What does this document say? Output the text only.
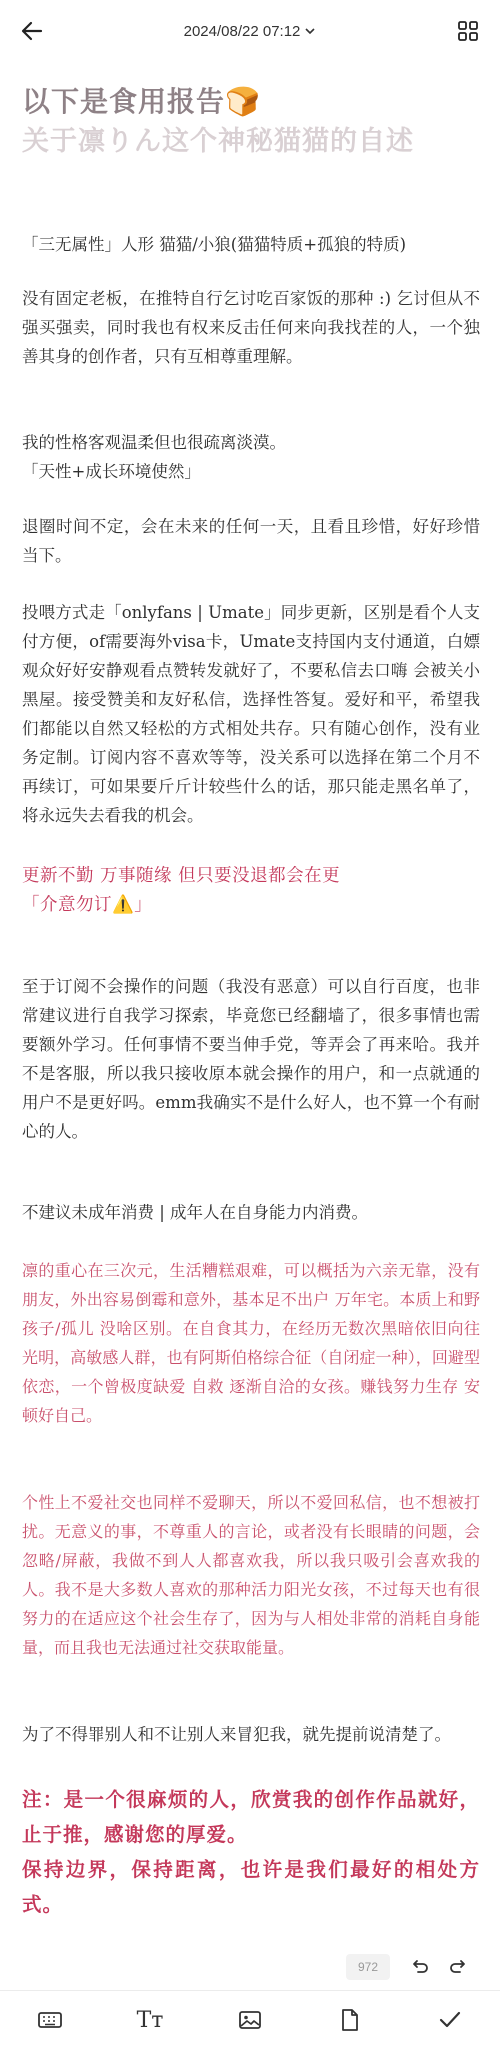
2024/08/22 07:12
以下是食用报告🍞
关于凛りん这个神秘猫猫的自述

「三无属性」人形 猫猫/小狼(猫猫特质+孤狼的特质)

没有固定老板，在推特自行乞讨吃百家饭的那种 :) 乞讨但从不强买强卖，同时我也有权来反击任何来向我找茬的人，一个独善其身的创作者，只有互相尊重理解。

我的性格客观温柔但也很疏离淡漠。
「天性+成长环境使然」

退圈时间不定，会在未来的任何一天，且看且珍惜，好好珍惜当下。

投喂方式走「onlyfans | Umate」同步更新，区别是看个人支付方便，of需要海外visa卡，Umate支持国内支付通道，白嫖观众好好安静观看点赞转发就好了，不要私信去口嗨 会被关小黑屋。接受赞美和友好私信，选择性答复。爱好和平，希望我们都能以自然又轻松的方式相处共存。只有随心创作，没有业务定制。订阅内容不喜欢等等，没关系可以选择在第二个月不再续订，可如果要斤斤计较些什么的话，那只能走黑名单了，将永远失去看我的机会。

更新不勤 万事随缘 但只要没退都会在更
「介意勿订⚠️」

至于订阅不会操作的问题（我没有恶意）可以自行百度，也非常建议进行自我学习探索，毕竟您已经翻墙了，很多事情也需要额外学习。任何事情不要当伸手党，等弄会了再来哈。我并不是客服，所以我只接收原本就会操作的用户，和一点就通的用户不是更好吗。emm我确实不是什么好人，也不算一个有耐心的人。

不建议未成年消费 | 成年人在自身能力内消费。

凛的重心在三次元，生活糟糕艰难，可以概括为六亲无靠，没有朋友，外出容易倒霉和意外，基本足不出户 万年宅。本质上和野孩子/孤儿 没啥区别。在自食其力，在经历无数次黑暗依旧向往光明，高敏感人群，也有阿斯伯格综合征（自闭症一种），回避型依恋，一个曾极度缺爱 自救 逐渐自洽的女孩。赚钱努力生存 安顿好自己。

个性上不爱社交也同样不爱聊天，所以不爱回私信，也不想被打扰。无意义的事，不尊重人的言论，或者没有长眼睛的问题，会忽略/屏蔽，我做不到人人都喜欢我，所以我只吸引会喜欢我的人。我不是大多数人喜欢的那种活力阳光女孩，不过每天也有很努力的在适应这个社会生存了，因为与人相处非常的消耗自身能量，而且我也无法通过社交获取能量。

为了不得罪别人和不让别人来冒犯我，就先提前说清楚了。

注：是一个很麻烦的人，欣赏我的创作作品就好，止于推，感谢您的厚爱。
保持边界，保持距离，也许是我们最好的相处方式。

972
Tт
